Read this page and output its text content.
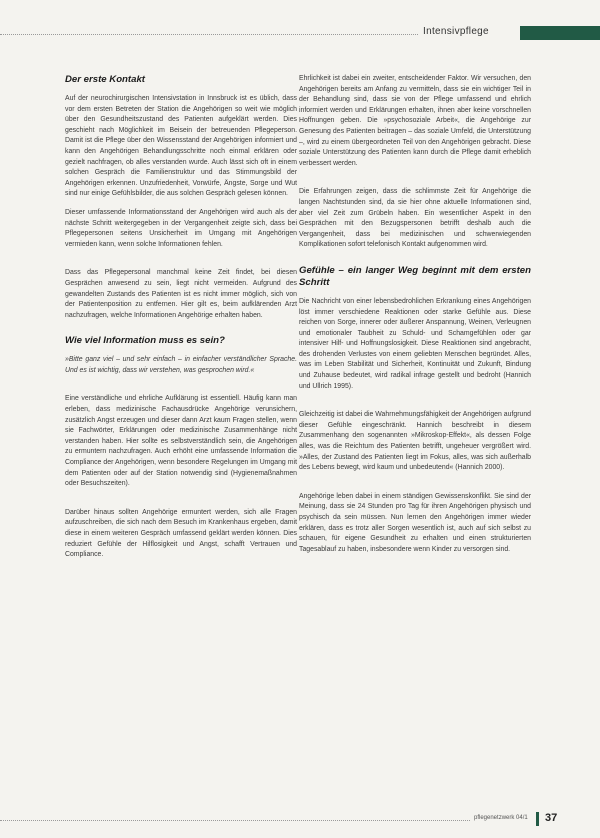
Intensivpflege
Der erste Kontakt

Auf der neurochirurgischen Intensivstation in Innsbruck ist es üblich, dass vor dem ersten Betreten der Station die Angehörigen so weit wie möglich über den Gesundheitszustand des Patienten aufgeklärt werden. Dies geschieht nach Möglichkeit im Beisein der betreuenden Pflegeperson. Damit ist die Pflege über den Wissensstand der Angehörigen informiert und kann den Angehörigen Behandlungsschritte noch einmal erklären oder gezielt nachfragen, ob alles verstanden wurde. Auch lässt sich oft in einem solchen Gespräch die Familienstruktur und das Stimmungsbild der Angehörigen erkennen. Unzufriedenheit, Vorwürfe, Ängste, Sorge und Wut sind nur einige Gefühlsbilder, die aus solchen Gespräch gelesen können.

Dieser umfassende Informationsstand der Angehörigen wird auch als der nächste Schritt weitergegeben in der Vergangenheit zeigte sich, dass bei Pflegepersonen seitens Unsicherheit im Umgang mit Angehörigen vermieden kann, wenn solche Informationen fehlen.

Dass das Pflegepersonal manchmal keine Zeit findet, bei diesen Gesprächen anwesend zu sein, liegt nicht vermeiden. Aufgrund des gewandelten Zustands des Patienten ist es nicht immer möglich, sich von der Patientenposition zu entfernen. Hier gilt es, beim aufklärenden Arzt nachzufragen, welche Informationen Angehörige erhalten haben.

Wie viel Information muss es sein?

»Bitte ganz viel – und sehr einfach – in einfacher verständlicher Sprache. Und es ist wichtig, dass wir verstehen, was gesprochen wird.«

Eine verständliche und ehrliche Aufklärung ist essentiell. Häufig kann man erleben, dass medizinische Fachausdrücke Angehörige verunsichern, zusätzlich Angst erzeugen und dieser dann Arzt kaum Fragen stellen, wenn sie Fachwörter, Erklärungen oder medizinische Zusammenhänge nicht verstanden haben. Hier sollte es selbstverständlich sein, die Angehörigen zu ermuntern nachzufragen. Auch erhöht eine umfassende Information die Compliance der Angehörigen, wenn besondere Regelungen im Umgang mit dem Patienten oder auf der Station notwendig sind (Hygienemaßnahmen oder Besuchszeiten).

Darüber hinaus sollten Angehörige ermuntert werden, sich alle Fragen aufzuschreiben, die sich nach dem Besuch im Krankenhaus ergeben, damit diese in einem weiteren Gespräch umfassend geklärt werden können. Dies reduziert Gefühle der Hilflosigkeit und Angst, schafft Vertrauen und Compliance.

Ehrlichkeit ist dabei ein zweiter, entscheidender Faktor. Wir versuchen, den Angehörigen bereits am Anfang zu vermitteln, dass sie ein wichtiger Teil in der Behandlung sind, dass sie von der Pflege umfassend und ehrlich informiert werden und Erklärungen erhalten, ihnen aber keine vorschnellen Hoffnungen geben. Die »psychosoziale Arbeit«, die Angehörige zur Genesung des Patienten beitragen – das soziale Umfeld, die Unterstützung –, wird zu einem übergeordneten Teil von den Angehörigen gebracht. Diese soziale Unterstützung des Patienten kann durch die Pflege damit erheblich verbessert werden.

Die Erfahrungen zeigen, dass die schlimmste Zeit für Angehörige die langen Nachtstunden sind, da sie hier ohne aktuelle Informationen sind, aber viel Zeit zum Grübeln haben. Ein wesentlicher Aspekt in den Gesprächen mit den Bezugspersonen betrifft deshalb auch die Vergangenheit, dass bei medizinischen und schwerwiegenden Komplikationen sofort telefonisch Kontakt aufgenommen wird.

Gefühle – ein langer Weg beginnt mit dem ersten Schritt

Die Nachricht von einer lebensbedrohlichen Erkrankung eines Angehörigen löst immer verschiedene Reaktionen oder starke Gefühle aus. Diese reichen von Sorge, innerer oder äußerer Anspannung, Weinen, Verleugnen und emotionaler Taubheit zu Schuld- und Schamgefühlen oder gar intensiver Hilf- und Hoffnungslosigkeit. Diese Reaktionen sind angebracht, des drohenden Verlustes von einem geliebten Menschen begründet. Alles, was im Leben Stabilität und Sicherheit, Kontinuität und Zukunft, Bindung und Zuhause bedeutet, wird radikal infrage gestellt und bedroht (Hannich und Ullrich 1995).

Gleichzeitig ist dabei die Wahrnehmungsfähigkeit der Angehörigen aufgrund dieser Gefühle eingeschränkt. Hannich beschreibt in diesem Zusammenhang den sogenannten »Mikroskop-Effekt«, als dessen Folge alles, was die Reichtum des Patienten betrifft, ungeheuer vergrößert wird. »Alles, der Zustand des Patienten liegt im Fokus, alles, was sich außerhalb des Lebens bewegt, wird kaum und unbedeutend« (Hannich 2000).

Angehörige leben dabei in einem ständigen Gewissenskonflikt. Sie sind der Meinung, dass sie 24 Stunden pro Tag für ihren Angehörigen physisch und psychisch da sein müssen. Nun lernen den Angehörigen immer wieder erklären, dass es trotz aller Sorgen wesentlich ist, auch auf sich selbst zu schauen, für eigene Gesundheit zu erhalten und einen strukturierten Tagesablauf zu haben, insbesondere wenn Kinder zu versorgen sind.

pflegenetzwerk 04/1 37
